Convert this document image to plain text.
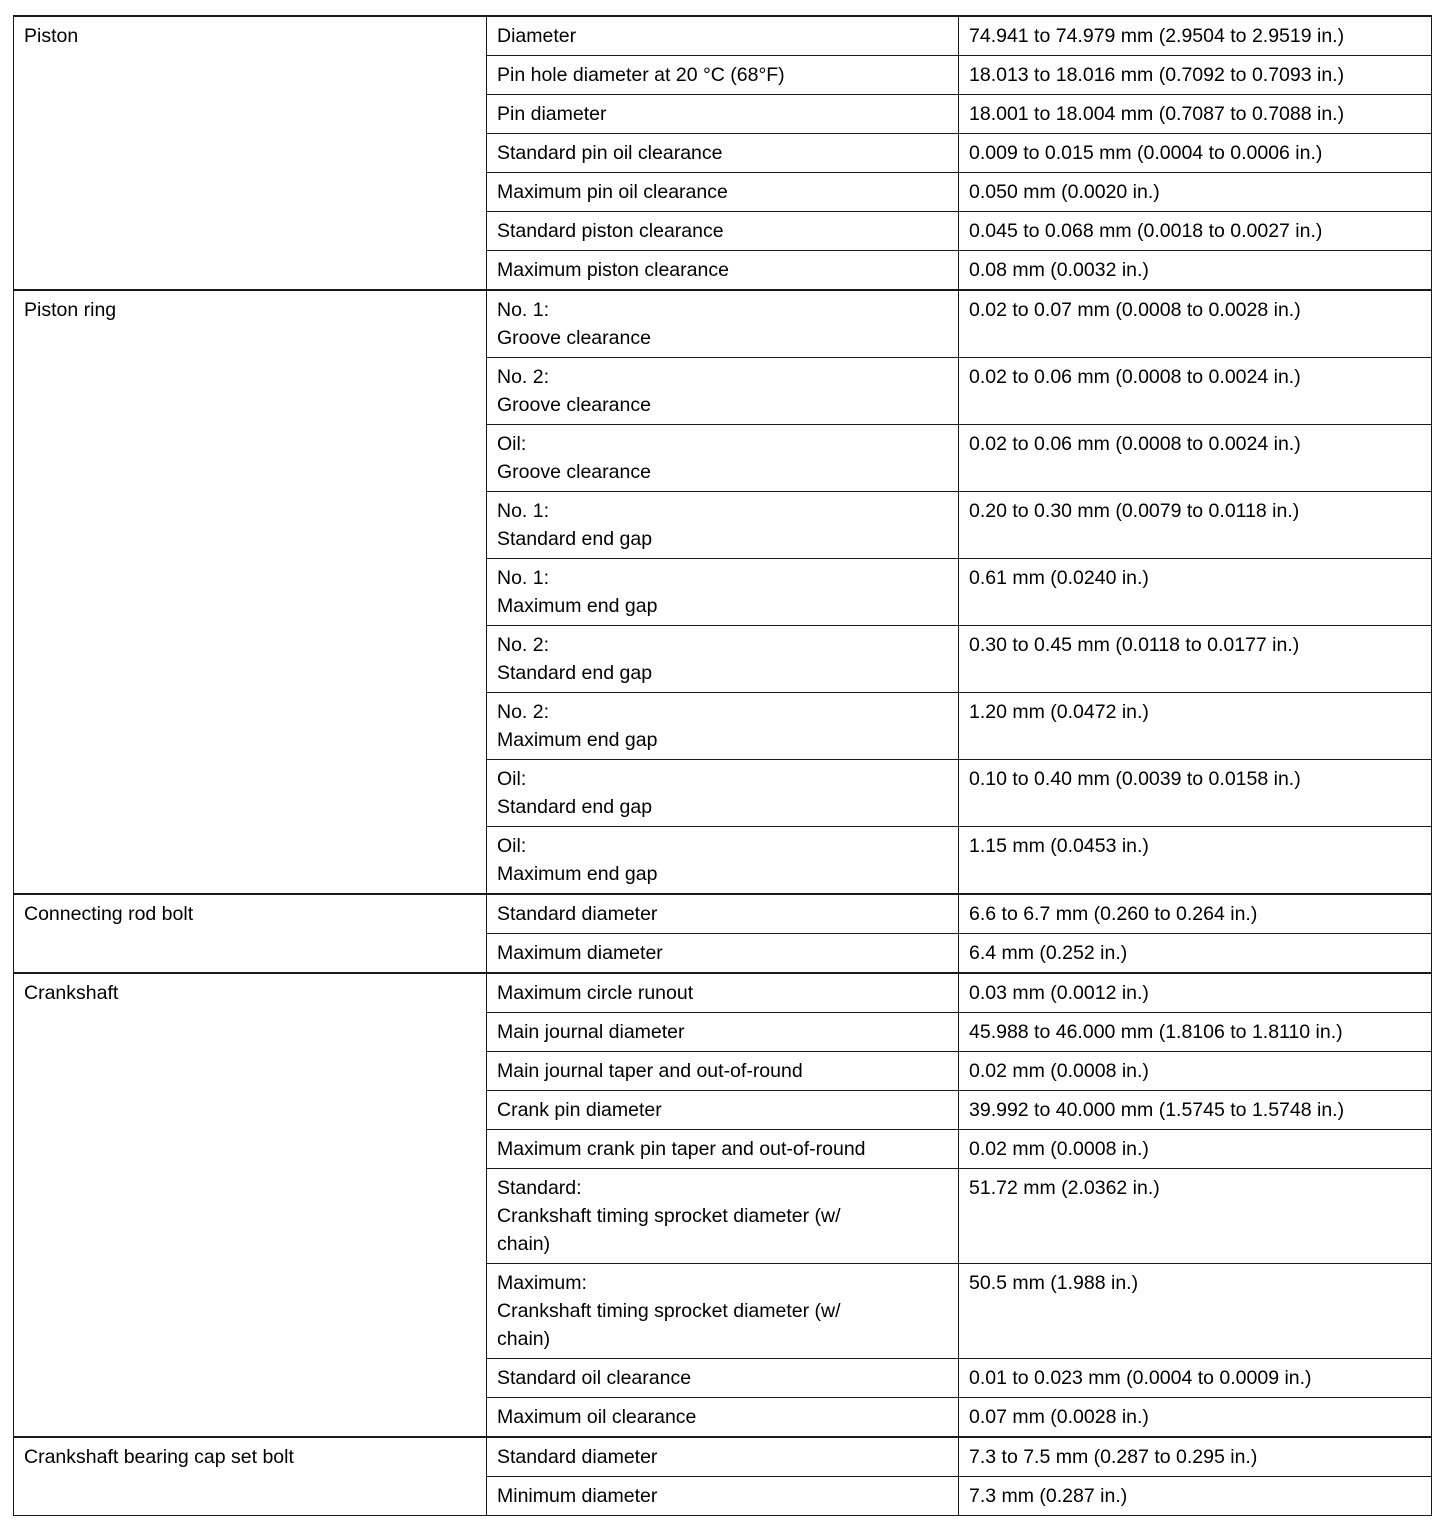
Piston	Diameter	74.941 to 74.979 mm (2.9504 to 2.9519 in.)

	Pin hole diameter at 20 °C (68°F)	18.013 to 18.016 mm (0.7092 to 0.7093 in.)

	Pin diameter	18.001 to 18.004 mm (0.7087 to 0.7088 in.)

	Standard pin oil clearance	0.009 to 0.015 mm (0.0004 to 0.0006 in.)

	Maximum pin oil clearance	0.050 mm (0.0020 in.)

	Standard piston clearance	0.045 to 0.068 mm (0.0018 to 0.0027 in.)

	Maximum piston clearance	0.08 mm (0.0032 in.)
Piston ring	No. 1:
Groove clearance	0.02 to 0.07 mm (0.0008 to 0.0028 in.)

	No. 2:
Groove clearance	0.02 to 0.06 mm (0.0008 to 0.0024 in.)

	Oil:
Groove clearance	0.02 to 0.06 mm (0.0008 to 0.0024 in.)

	No. 1:
Standard end gap	0.20 to 0.30 mm (0.0079 to 0.0118 in.)

	No. 1:
Maximum end gap	0.61 mm (0.0240 in.)

	No. 2:
Standard end gap	0.30 to 0.45 mm (0.0118 to 0.0177 in.)

	No. 2:
Maximum end gap	1.20 mm (0.0472 in.)

	Oil:
Standard end gap	0.10 to 0.40 mm (0.0039 to 0.0158 in.)

	Oil:
Maximum end gap	1.15 mm (0.0453 in.)
Connecting rod bolt	Standard diameter	6.6 to 6.7 mm (0.260 to 0.264 in.)

	Maximum diameter	6.4 mm (0.252 in.)
Crankshaft	Maximum circle runout	0.03 mm (0.0012 in.)

	Main journal diameter	45.988 to 46.000 mm (1.8106 to 1.8110 in.)

	Main journal taper and out-of-round	0.02 mm (0.0008 in.)

	Crank pin diameter	39.992 to 40.000 mm (1.5745 to 1.5748 in.)

	Maximum crank pin taper and out-of-round	0.02 mm (0.0008 in.)

	Standard:
Crankshaft timing sprocket diameter (w/
chain)	51.72 mm (2.0362 in.)

	Maximum:
Crankshaft timing sprocket diameter (w/
chain)	50.5 mm (1.988 in.)

	Standard oil clearance	0.01 to 0.023 mm (0.0004 to 0.0009 in.)

	Maximum oil clearance	0.07 mm (0.0028 in.)
Crankshaft bearing cap set bolt	Standard diameter	7.3 to 7.5 mm (0.287 to 0.295 in.)

	Minimum diameter	7.3 mm (0.287 in.)
